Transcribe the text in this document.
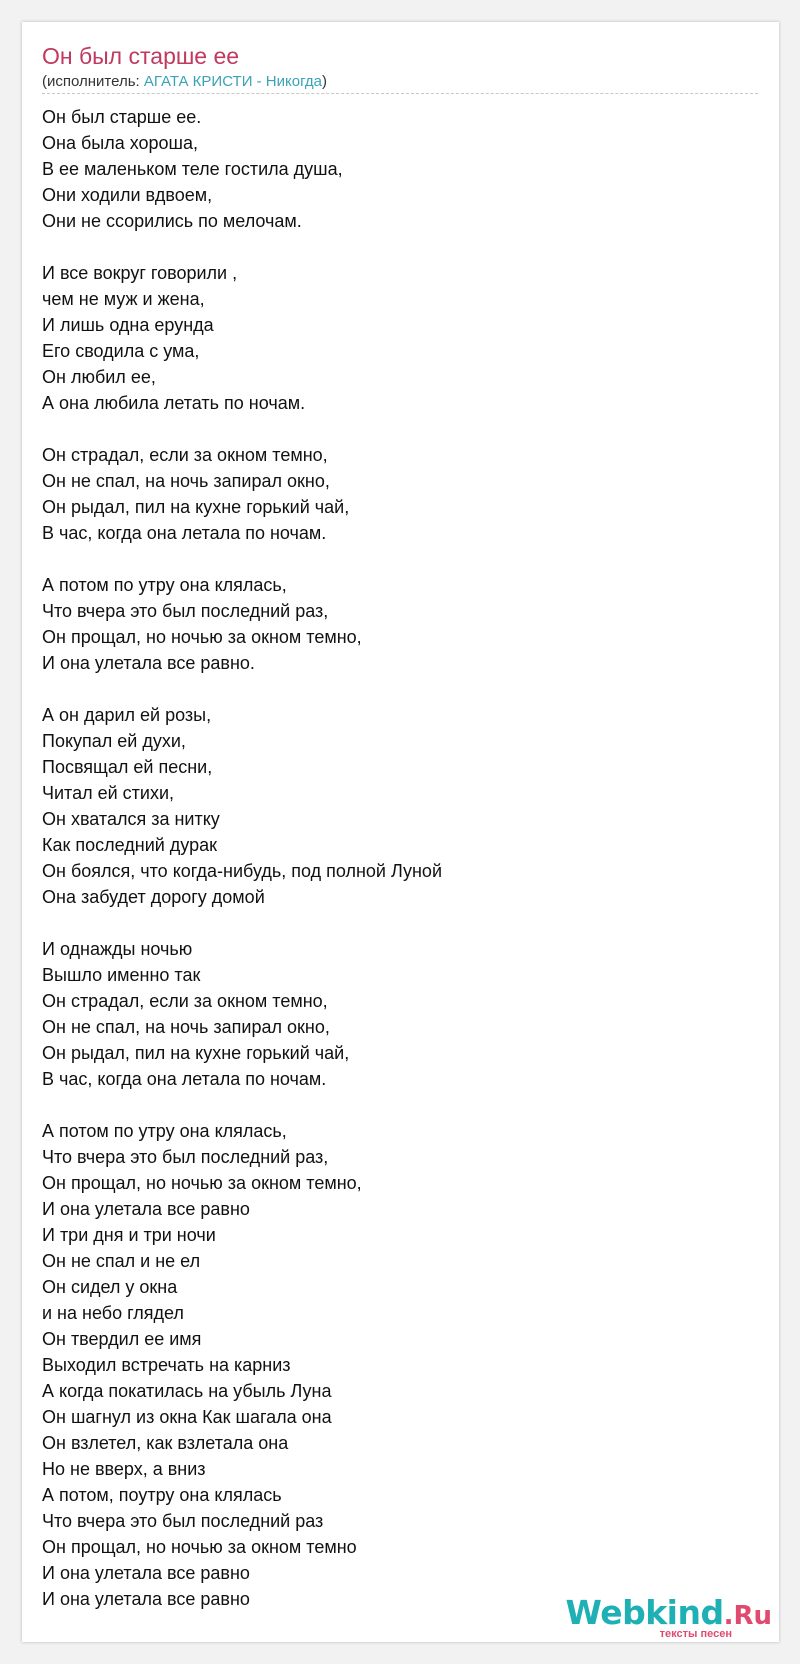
Он был старше ее
(исполнитель: АГАТА КРИСТИ - Никогда)
Он был старше ее.
Она была хороша,
В ее маленьком теле гостила душа,
Они ходили вдвоем,
Они не ссорились по мелочам.
И все вокруг говорили ,
чем не муж и жена,
И лишь одна ерунда
Его сводила с ума,
Он любил ее,
А она любила летать по ночам.
Он страдал, если за окном темно,
Он не спал, на ночь запирал окно,
Он рыдал, пил на кухне горький чай,
В час, когда она летала по ночам.
А потом по утру она клялась,
Что вчера это был последний раз,
Он прощал, но ночью за окном темно,
И она улетала все равно.
А он дарил ей розы,
Покупал ей духи,
Посвящал ей песни,
Читал ей стихи,
Он хватался за нитку
Как последний дурак
Он боялся, что когда-нибудь, под полной Луной
Она забудет дорогу домой
И однажды ночью
Вышло именно так
Он страдал, если за окном темно,
Он не спал, на ночь запирал окно,
Он рыдал, пил на кухне горький чай,
В час, когда она летала по ночам.
А потом по утру она клялась,
Что вчера это был последний раз,
Он прощал, но ночью за окном темно,
И она улетала все равно
И три дня и три ночи
Он не спал и не ел
Он сидел у окна
и на небо глядел
Он твердил ее имя
Выходил встречать на карниз
А когда покатилась на убыль Луна
Он шагнул из окна Как шагала она
Он взлетел, как взлетала она
Но не вверх, а вниз
А потом, поутру она клялась
Что вчера это был последний раз
Он прощал, но ночью за окном темно
И она улетала все равно
И она улетала все равно	Webkind.Ru
тексты песен
